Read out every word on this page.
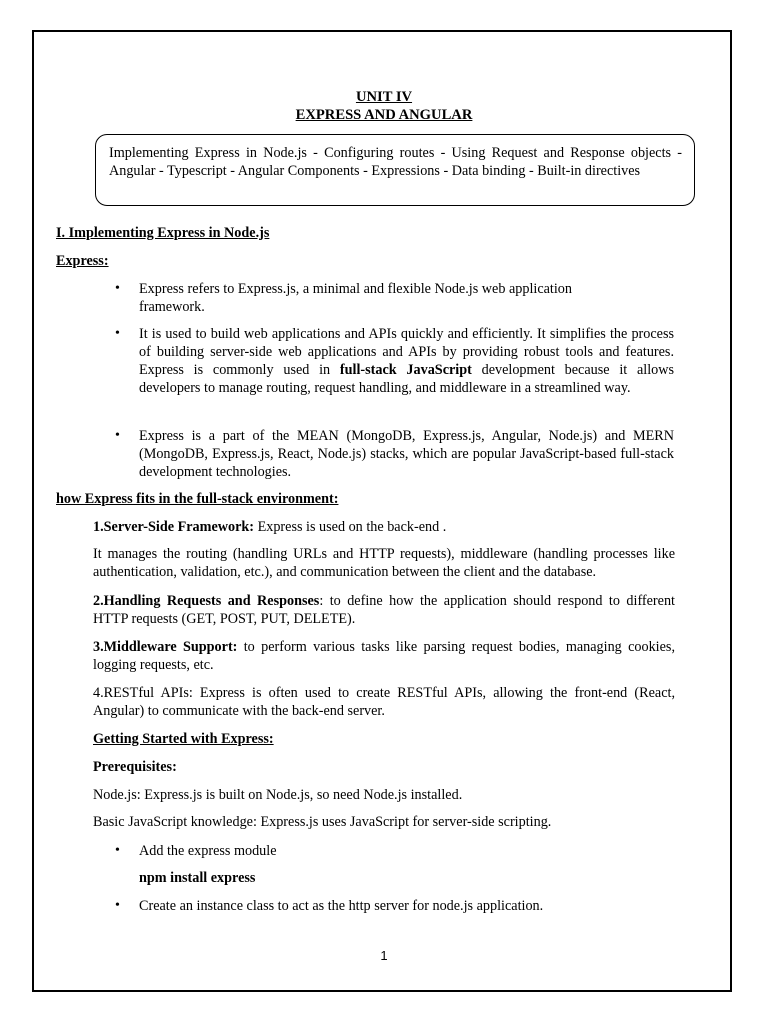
UNIT IV
EXPRESS AND ANGULAR
Implementing Express in Node.js - Configuring routes - Using Request and Response objects - Angular - Typescript - Angular Components - Expressions - Data binding - Built-in directives
I. Implementing Express in Node.js
Express:
• Express refers to Express.js, a minimal and flexible Node.js web application framework.
• It is used to build web applications and APIs quickly and efficiently. It simplifies the process of building server-side web applications and APIs by providing robust tools and features. Express is commonly used in full-stack JavaScript development because it allows developers to manage routing, request handling, and middleware in a streamlined way.
• Express is a part of the MEAN (MongoDB, Express.js, Angular, Node.js) and MERN (MongoDB, Express.js, React, Node.js) stacks, which are popular JavaScript-based full-stack development technologies.
how Express fits in the full-stack environment:
1.Server-Side Framework: Express is used on the back-end .
It manages the routing (handling URLs and HTTP requests), middleware (handling processes like authentication, validation, etc.), and communication between the client and the database.
2.Handling Requests and Responses: to define how the application should respond to different HTTP requests (GET, POST, PUT, DELETE).
3.Middleware Support: to perform various tasks like parsing request bodies, managing cookies, logging requests, etc.
4.RESTful APIs: Express is often used to create RESTful APIs, allowing the front-end (React, Angular) to communicate with the back-end server.
Getting Started with Express:
Prerequisites:
Node.js: Express.js is built on Node.js, so need Node.js installed.
Basic JavaScript knowledge: Express.js uses JavaScript for server-side scripting.
• Add the express module
npm install express
• Create an instance class to act as the http server for node.js application.
1
